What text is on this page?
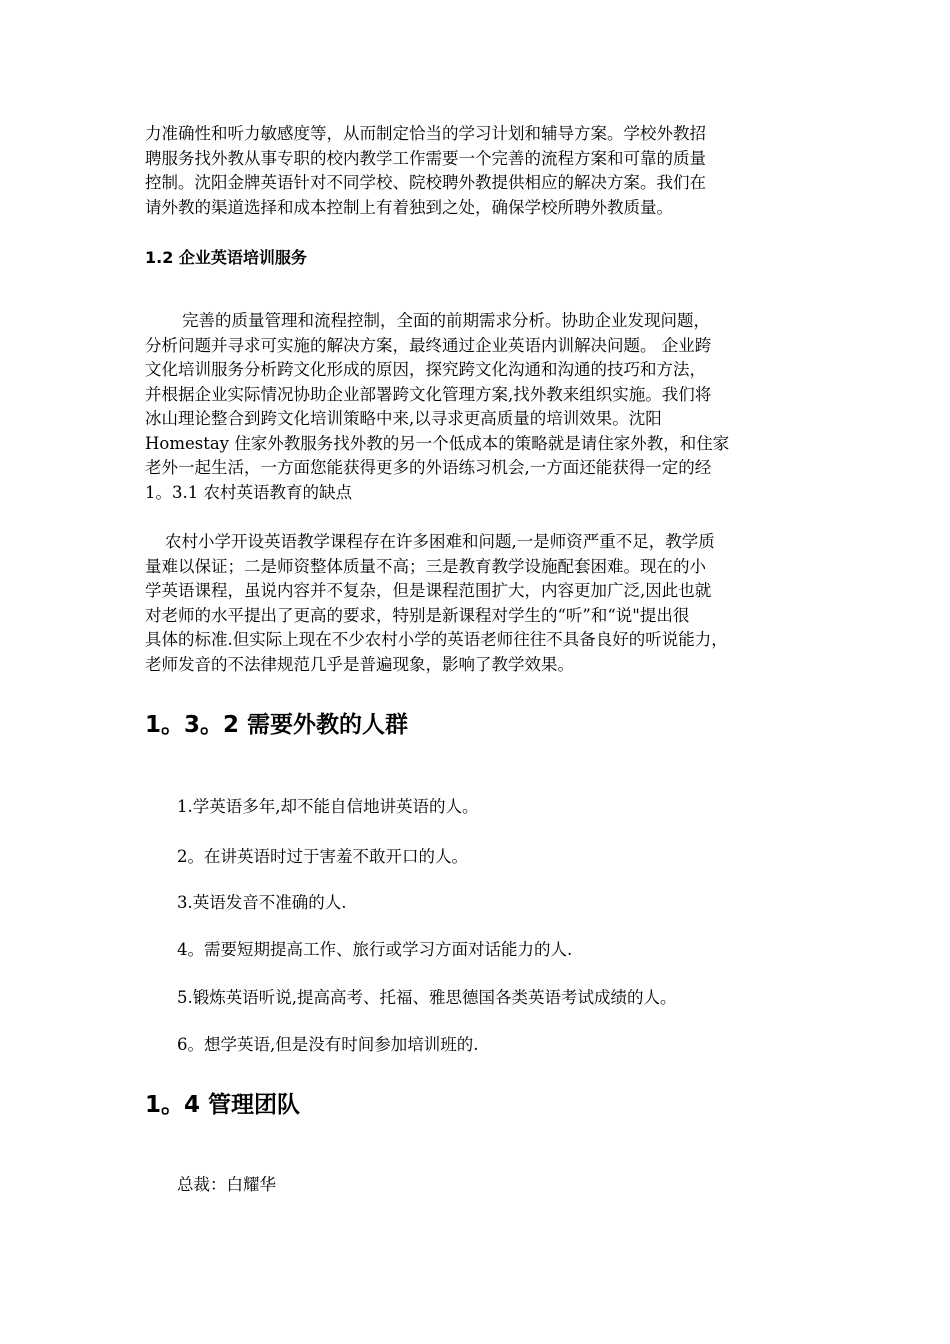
力准确性和听力敏感度等，从而制定恰当的学习计划和辅导方案。学校外教招
聘服务找外教从事专职的校内教学工作需要一个完善的流程方案和可靠的质量
控制。沈阳金牌英语针对不同学校、院校聘外教提供相应的解决方案。我们在
请外教的渠道选择和成本控制上有着独到之处，确保学校所聘外教质量。

1.2 企业英语培训服务

完善的质量管理和流程控制，全面的前期需求分析。协助企业发现问题，
分析问题并寻求可实施的解决方案，最终通过企业英语内训解决问题。 企业跨
文化培训服务分析跨文化形成的原因，探究跨文化沟通和沟通的技巧和方法，
并根据企业实际情况协助企业部署跨文化管理方案,找外教来组织实施。我们将
冰山理论整合到跨文化培训策略中来,以寻求更高质量的培训效果。沈阳
Homestay 住家外教服务找外教的另一个低成本的策略就是请住家外教，和住家
老外一起生活，一方面您能获得更多的外语练习机会,一方面还能获得一定的经
1。3.1 农村英语教育的缺点

农村小学开设英语教学课程存在许多困难和问题,一是师资严重不足，教学质
量难以保证；二是师资整体质量不高；三是教育教学设施配套困难。现在的小
学英语课程，虽说内容并不复杂，但是课程范围扩大，内容更加广泛,因此也就
对老师的水平提出了更高的要求，特别是新课程对学生的“听”和“说"提出很
具体的标准.但实际上现在不少农村小学的英语老师往往不具备良好的听说能力，
老师发音的不法律规范几乎是普遍现象，影响了教学效果。

1。3。2 需要外教的人群

1.学英语多年,却不能自信地讲英语的人。

2。在讲英语时过于害羞不敢开口的人。

3.英语发音不准确的人.

4。需要短期提高工作、旅行或学习方面对话能力的人.

5.锻炼英语听说,提高高考、托福、雅思德国各类英语考试成绩的人。

6。想学英语,但是没有时间参加培训班的.

1。4 管理团队

总裁：白耀华
